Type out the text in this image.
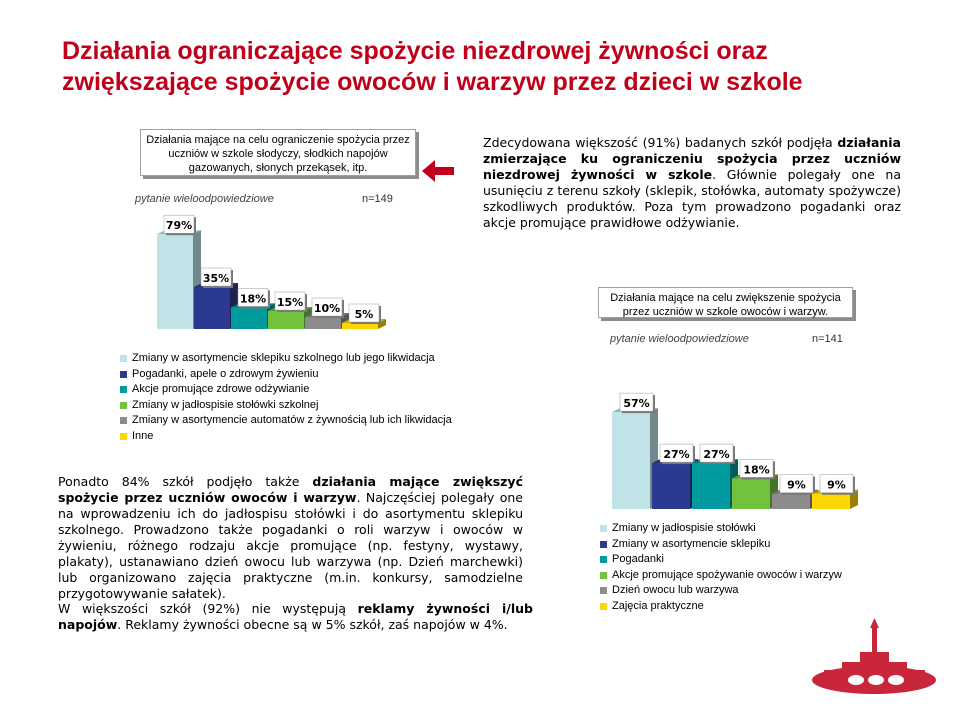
Działania ograniczające spożycie niezdrowej żywności oraz zwiększające spożycie owoców i warzyw przez dzieci w szkole
79%
35%
18% 15% 10% 5%
Działania mające na celu ograniczenie spożycia przez uczniów w szkole słodyczy, słodkich napojów gazowanych, słonych przekąsek, itp.
pytanie wieloodpowiedziowe	n=149
Zdecydowana większość (91%) badanych szkół podjęła działania zmierzające ku ograniczeniu spożycia przez uczniów niezdrowej żywności w szkole. Głównie polegały one na usunięciu z terenu szkoły (sklepik, stołówka, automaty spożywcze) szkodliwych produktów. Poza tym prowadzono pogadanki oraz akcje promujące prawidłowe odżywianie.
Zmiany w asortymencie sklepiku szkolnego lub jego likwidacja
Pogadanki, apele o zdrowym żywieniu
Akcje promujące zdrowe odżywianie
Zmiany w jadłospisie stołówki szkolnej
Zmiany w asortymencie automatów z żywnością lub ich likwidacja
Inne
57%
27% 27%
18%
9% 9%
Działania mające na celu zwiększenie spożycia przez uczniów w szkole owoców i warzyw.
pytanie wieloodpowiedziowe	n=141
Zmiany w jadłospisie stołówki
Zmiany w asortymencie sklepiku
Pogadanki
Akcje promujące spożywanie owoców i warzyw
Dzień owocu lub warzywa
Zajęcia praktyczne
Ponadto 84% szkół podjęło także działania mające zwiększyć spożycie przez uczniów owoców i warzyw. Najczęściej polegały one na wprowadzeniu ich do jadłospisu stołówki i do asortymentu sklepiku szkolnego. Prowadzono także pogadanki o roli warzyw i owoców w żywieniu, różnego rodzaju akcje promujące (np. festyny, wystawy, plakaty), ustanawiano dzień owocu lub warzywa (np. Dzień marchewki) lub organizowano zajęcia praktyczne (m.in. konkursy, samodzielne przygotowywanie sałatek).
W większości szkół (92%) nie występują reklamy żywności i/lub napojów. Reklamy żywności obecne są w 5% szkół, zaś napojów w 4%.
